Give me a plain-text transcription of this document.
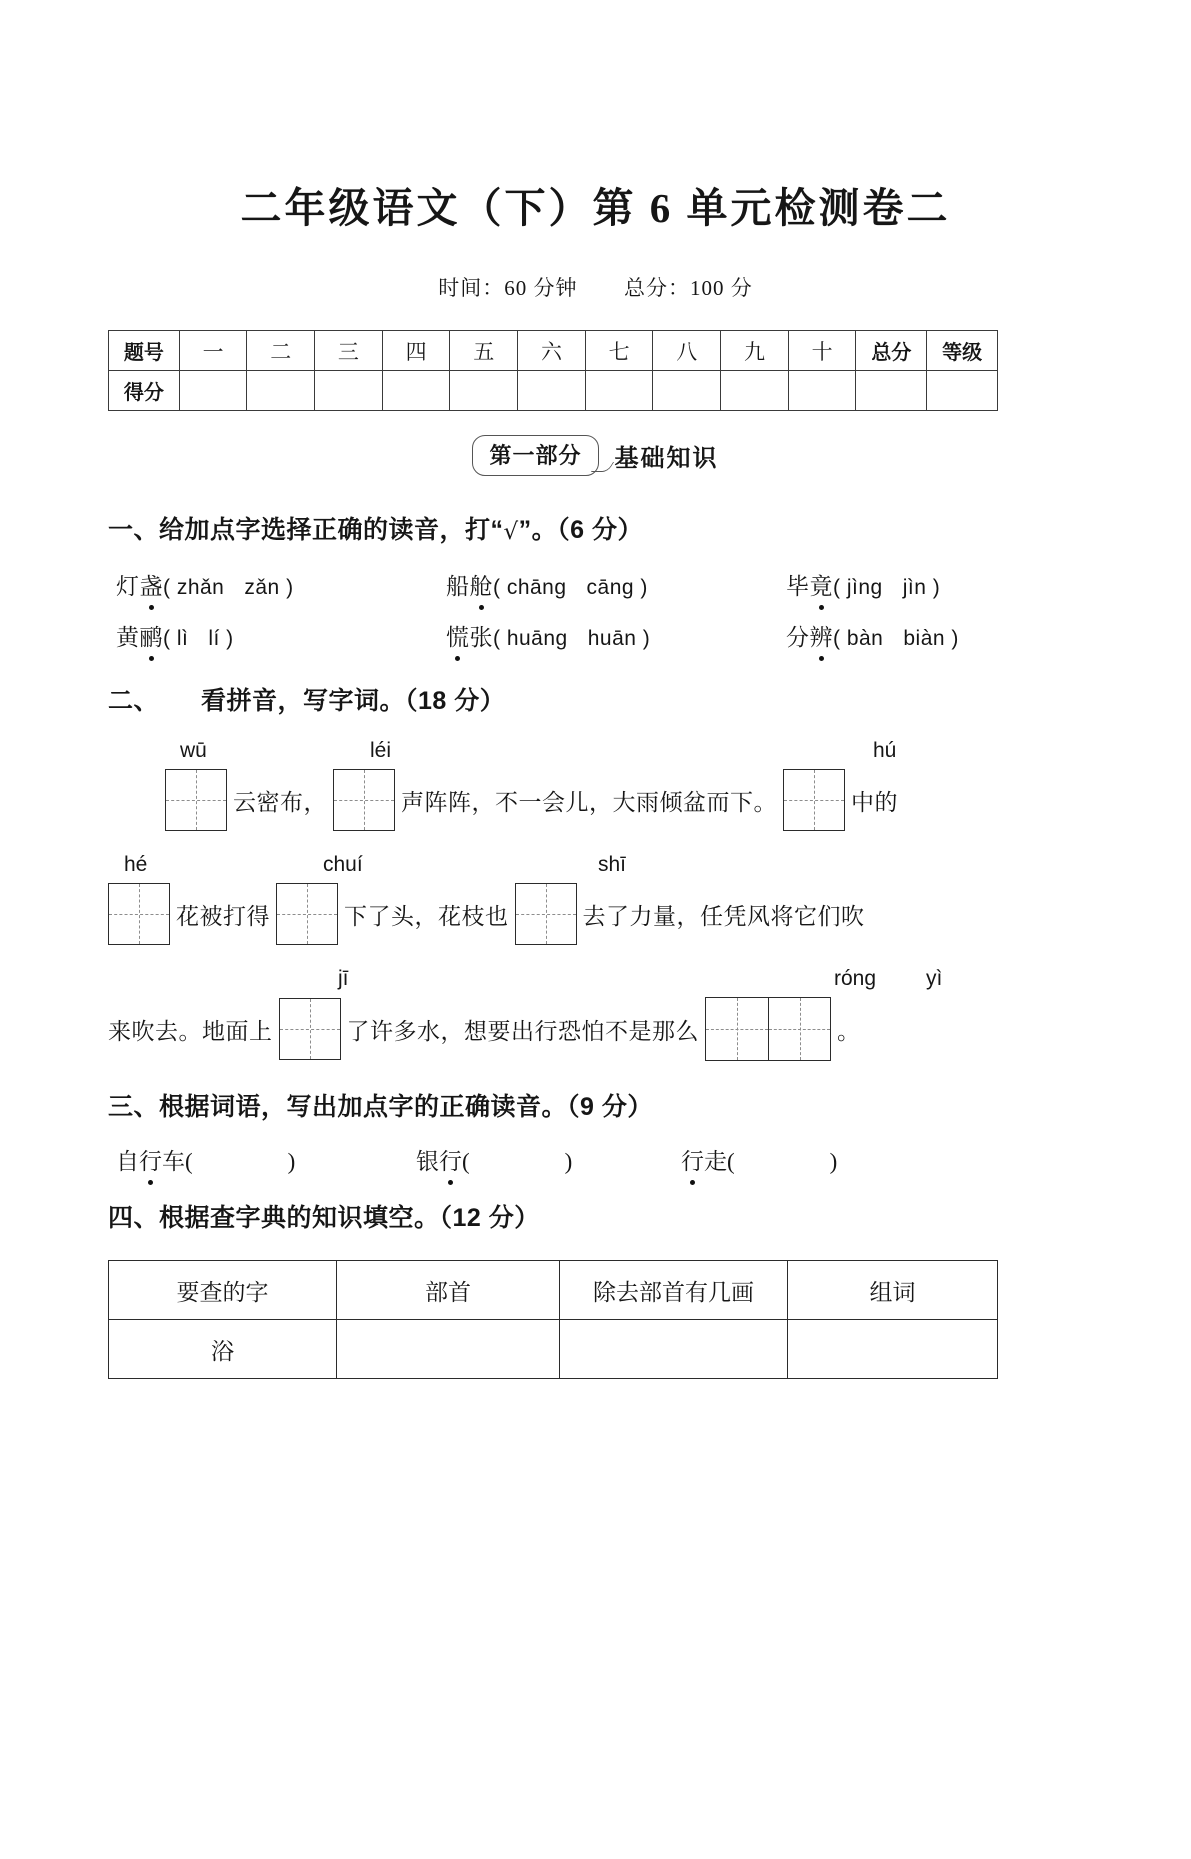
二年级语文（下）第 6 单元检测卷二
时间：60 分钟 总分：100 分
题号	一	二	三	四	五	六	七	八	九	十	总分	等级
得分												
第一部分	基础知识
一、给加点字选择正确的读音，打“√”。（6 分）
灯盏( zhǎn zǎn )	船舱( chāng cāng )	毕竟( jìng jìn )
黄鹂( lì lí )	慌张( huāng huān )	分辨( bàn biàn )
二、 看拼音，写字词。（18 分）
wū	léi	hú
云密布，	声阵阵，不一会儿，大雨倾盆而下。	中的
hé	chuí	shī
花被打得	下了头，花枝也	去了力量，任凭风将它们吹
jī	róng yì
来吹去。地面上	了许多水，想要出行恐怕不是那么	。
三、根据词语，写出加点字的正确读音。（9 分）
自行车(	)	银行(	)	行走(	)
四、根据查字典的知识填空。（12 分）
要查的字	部首	除去部首有几画	组词
浴			
